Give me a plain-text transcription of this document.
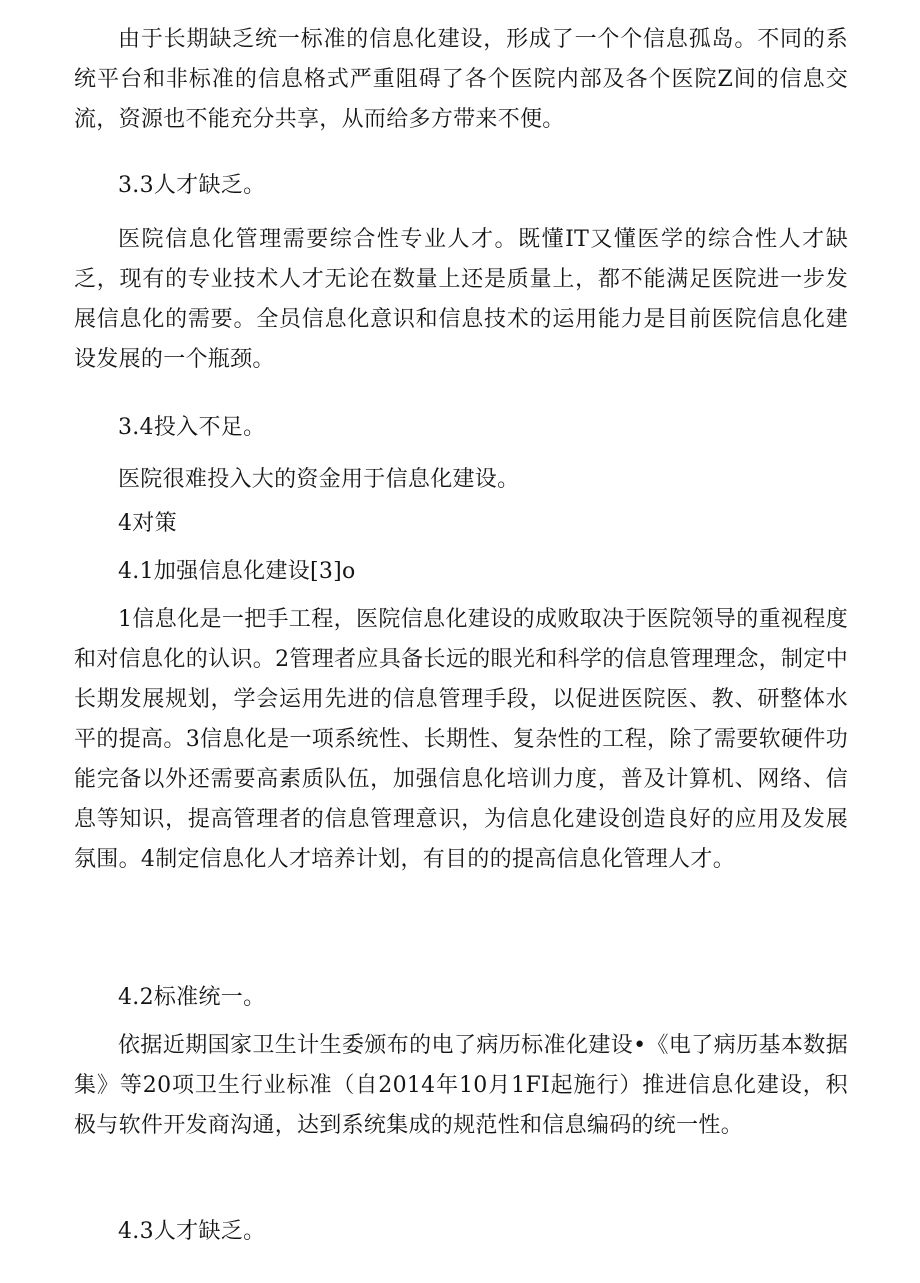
由于长期缺乏统一标准的信息化建设，形成了一个个信息孤岛。不同的系统平台和非标准的信息格式严重阻碍了各个医院内部及各个医院Z间的信息交流，资源也不能充分共享，从而给多方带来不便。

3.3人才缺乏。

医院信息化管理需要综合性专业人才。既懂IT又懂医学的综合性人才缺乏，现有的专业技术人才无论在数量上还是质量上，都不能满足医院进一步发展信息化的需要。全员信息化意识和信息技术的运用能力是目前医院信息化建设发展的一个瓶颈。

3.4投入不足。

医院很难投入大的资金用于信息化建设。

4对策

4.1加强信息化建设[3]o

1信息化是一把手工程，医院信息化建设的成败取决于医院领导的重视程度和对信息化的认识。2管理者应具备长远的眼光和科学的信息管理理念，制定中长期发展规划，学会运用先进的信息管理手段，以促进医院医、教、研整体水平的提高。3信息化是一项系统性、长期性、复杂性的工程，除了需要软硬件功能完备以外还需要高素质队伍，加强信息化培训力度，普及计算机、网络、信息等知识，提高管理者的信息管理意识，为信息化建设创造良好的应用及发展氛围。4制定信息化人才培养计划，有目的的提高信息化管理人才。

4.2标准统一。

依据近期国家卫生计生委颁布的电了病历标准化建设•《电了病历基本数据集》等20项卫生行业标准（自2014年10月1FI起施行）推进信息化建设，积极与软件开发商沟通，达到系统集成的规范性和信息编码的统一性。

4.3人才缺乏。
